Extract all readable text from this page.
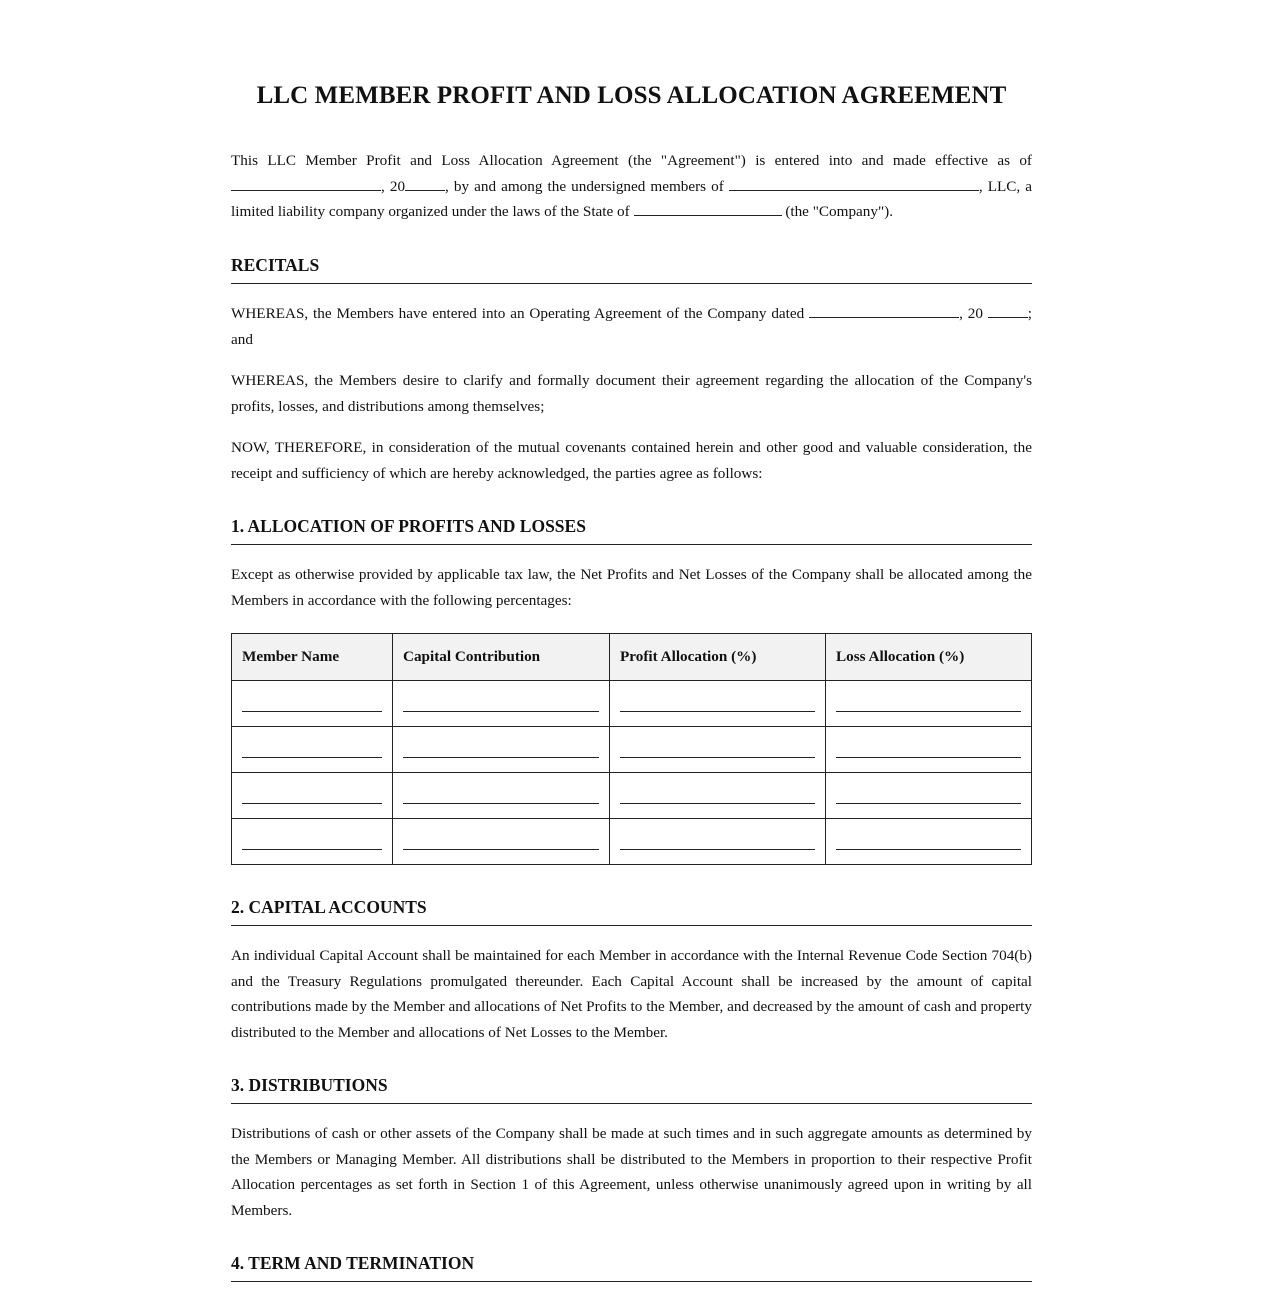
LLC MEMBER PROFIT AND LOSS ALLOCATION AGREEMENT

This LLC Member Profit and Loss Allocation Agreement (the "Agreement") is entered into and made effective as of , 20	, by and among the undersigned members of	, LLC, a limited liability company organized under the laws of the State of	(the "Company").

RECITALS

WHEREAS, the Members have entered into an Operating Agreement of the Company dated	, 20	; and

WHEREAS, the Members desire to clarify and formally document their agreement regarding the allocation of the Company's profits, losses, and distributions among themselves;

NOW, THEREFORE, in consideration of the mutual covenants contained herein and other good and valuable consideration, the receipt and sufficiency of which are hereby acknowledged, the parties agree as follows:

1. ALLOCATION OF PROFITS AND LOSSES

Except as otherwise provided by applicable tax law, the Net Profits and Net Losses of the Company shall be allocated among the Members in accordance with the following percentages:

Member Name	Capital Contribution	Profit Allocation (%)	Loss Allocation (%)

2. CAPITAL ACCOUNTS

An individual Capital Account shall be maintained for each Member in accordance with the Internal Revenue Code Section 704(b) and the Treasury Regulations promulgated thereunder. Each Capital Account shall be increased by the amount of capital contributions made by the Member and allocations of Net Profits to the Member, and decreased by the amount of cash and property distributed to the Member and allocations of Net Losses to the Member.

3. DISTRIBUTIONS

Distributions of cash or other assets of the Company shall be made at such times and in such aggregate amounts as determined by the Members or Managing Member. All distributions shall be distributed to the Members in proportion to their respective Profit Allocation percentages as set forth in Section 1 of this Agreement, unless otherwise unanimously agreed upon in writing by all Members.

4. TERM AND TERMINATION
